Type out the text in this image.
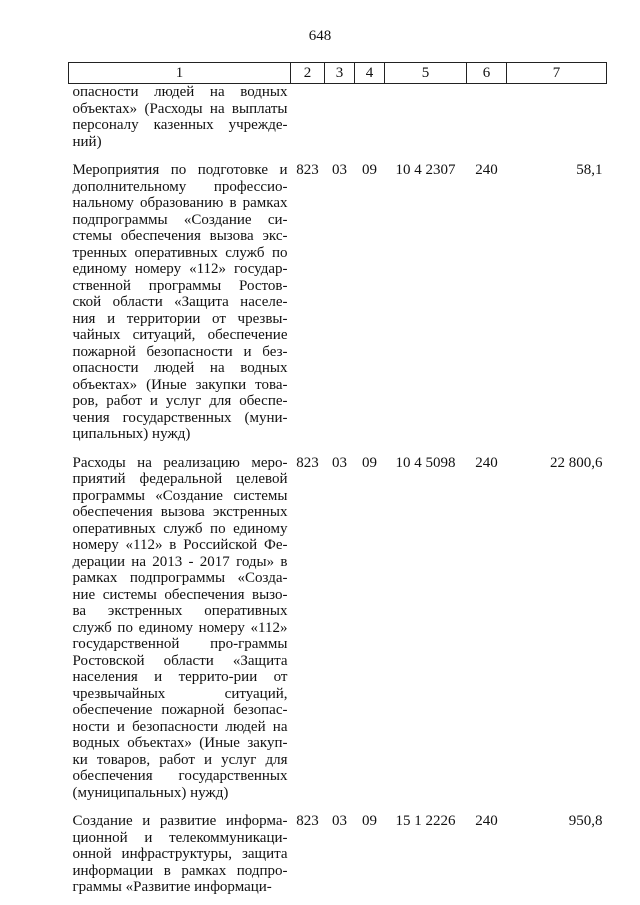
648
1	2	3	4	5	6	7
опасности людей на водных объектах» (Расходы на выплаты персоналу казенных учрежде-ний)						
Мероприятия по подготовке и дополнительному профессио-нальному образованию в рамках подпрограммы «Создание си-стемы обеспечения вызова экс-тренных оперативных служб по единому номеру «112» государ-ственной программы Ростов-ской области «Защита населе-ния и территории от чрезвы-чайных ситуаций, обеспечение пожарной безопасности и без-опасности людей на водных объектах» (Иные закупки това-ров, работ и услуг для обеспе-чения государственных (муни-ципальных) нужд)	823	03	09	10 4 2307	240	58,1
Расходы на реализацию меро-приятий федеральной целевой программы «Создание системы обеспечения вызова экстренных оперативных служб по единому номеру «112» в Российской Фе-дерации на 2013 - 2017 годы» в рамках подпрограммы «Созда-ние системы обеспечения вызо-ва экстренных оперативных служб по единому номеру «112» государственной про-граммы Ростовской области «Защита населения и террито-рии от чрезвычайных ситуаций, обеспечение пожарной безопас-ности и безопасности людей на водных объектах» (Иные закуп-ки товаров, работ и услуг для обеспечения государственных (муниципальных) нужд)	823	03	09	10 4 5098	240	22 800,6
Создание и развитие информа-ционной и телекоммуникаци-онной инфраструктуры, защита информации в рамках подпро-граммы «Развитие информаци-	823	03	09	15 1 2226	240	950,8
